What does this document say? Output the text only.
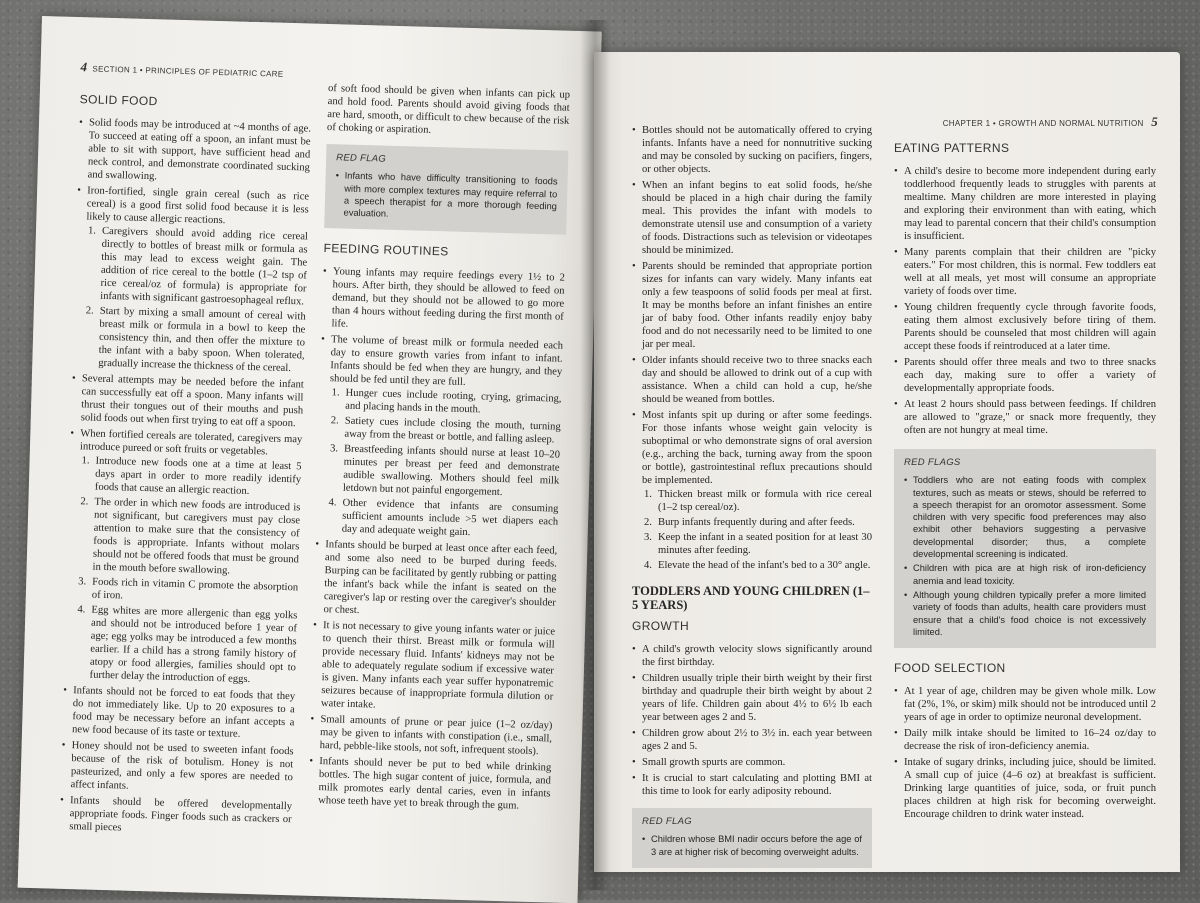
4 SECTION 1 • PRINCIPLES OF PEDIATRIC CARE
SOLID FOOD
• Solid foods may be introduced at ~4 months of age. To succeed at eating off a spoon, an infant must be able to sit with support, have sufficient head and neck control, and demonstrate coordinated sucking and swallowing.
• Iron-fortified, single grain cereal (such as rice cereal) is a good first solid food because it is less likely to cause allergic reactions.
1. Caregivers should avoid adding rice cereal directly to bottles of breast milk or formula as this may lead to excess weight gain. The addition of rice cereal to the bottle (1–2 tsp of rice cereal/oz of formula) is appropriate for infants with significant gastroesophageal reflux.
2. Start by mixing a small amount of cereal with breast milk or formula in a bowl to keep the consistency thin, and then offer the mixture to the infant with a baby spoon. When tolerated, gradually increase the thickness of the cereal.
• Several attempts may be needed before the infant can successfully eat off a spoon. Many infants will thrust their tongues out of their mouths and push solid foods out when first trying to eat off a spoon.
• When fortified cereals are tolerated, caregivers may introduce pureed or soft fruits or vegetables.
1. Introduce new foods one at a time at least 5 days apart in order to more readily identify foods that cause an allergic reaction.
2. The order in which new foods are introduced is not significant, but caregivers must pay close attention to make sure that the consistency of foods is appropriate. Infants without molars should not be offered foods that must be ground in the mouth before swallowing.
3. Foods rich in vitamin C promote the absorption of iron.
4. Egg whites are more allergenic than egg yolks and should not be introduced before 1 year of age; egg yolks may be introduced a few months earlier. If a child has a strong family history of atopy or food allergies, families should opt to further delay the introduction of eggs.
• Infants should not be forced to eat foods that they do not immediately like. Up to 20 exposures to a food may be necessary before an infant accepts a new food because of its taste or texture.
• Honey should not be used to sweeten infant foods because of the risk of botulism. Honey is not pasteurized, and only a few spores are needed to affect infants.
• Infants should be offered developmentally appropriate foods. Finger foods such as crackers or small pieces
of soft food should be given when infants can pick up and hold food. Parents should avoid giving foods that are hard, smooth, or difficult to chew because of the risk of choking or aspiration.
RED FLAG
• Infants who have difficulty transitioning to foods with more complex textures may require referral to a speech therapist for a more thorough feeding evaluation.
FEEDING ROUTINES
• Young infants may require feedings every 1½ to 2 hours. After birth, they should be allowed to feed on demand, but they should not be allowed to go more than 4 hours without feeding during the first month of life.
• The volume of breast milk or formula needed each day to ensure growth varies from infant to infant. Infants should be fed when they are hungry, and they should be fed until they are full.
1. Hunger cues include rooting, crying, grimacing, and placing hands in the mouth.
2. Satiety cues include closing the mouth, turning away from the breast or bottle, and falling asleep.
3. Breastfeeding infants should nurse at least 10–20 minutes per breast per feed and demonstrate audible swallowing. Mothers should feel milk letdown but not painful engorgement.
4. Other evidence that infants are consuming sufficient amounts include >5 wet diapers each day and adequate weight gain.
• Infants should be burped at least once after each feed, and some also need to be burped during feeds. Burping can be facilitated by gently rubbing or patting the infant's back while the infant is seated on the caregiver's lap or resting over the caregiver's shoulder or chest.
• It is not necessary to give young infants water or juice to quench their thirst. Breast milk or formula will provide necessary fluid. Infants' kidneys may not be able to adequately regulate sodium if excessive water is given. Many infants each year suffer hyponatremic seizures because of inappropriate formula dilution or water intake.
• Small amounts of prune or pear juice (1–2 oz/day) may be given to infants with constipation (i.e., small, hard, pebble-like stools, not soft, infrequent stools).
• Infants should never be put to bed while drinking bottles. The high sugar content of juice, formula, and milk promotes early dental caries, even in infants whose teeth have yet to break through the gum.
CHAPTER 1 • GROWTH AND NORMAL NUTRITION 5
• Bottles should not be automatically offered to crying infants. Infants have a need for nonnutritive sucking and may be consoled by sucking on pacifiers, fingers, or other objects.
• When an infant begins to eat solid foods, he/she should be placed in a high chair during the family meal. This provides the infant with models to demonstrate utensil use and consumption of a variety of foods. Distractions such as television or videotapes should be minimized.
• Parents should be reminded that appropriate portion sizes for infants can vary widely. Many infants eat only a few teaspoons of solid foods per meal at first. It may be months before an infant finishes an entire jar of baby food. Other infants readily enjoy baby food and do not necessarily need to be limited to one jar per meal.
• Older infants should receive two to three snacks each day and should be allowed to drink out of a cup with assistance. When a child can hold a cup, he/she should be weaned from bottles.
• Most infants spit up during or after some feedings. For those infants whose weight gain velocity is suboptimal or who demonstrate signs of oral aversion (e.g., arching the back, turning away from the spoon or bottle), gastrointestinal reflux precautions should be implemented.
1. Thicken breast milk or formula with rice cereal (1–2 tsp cereal/oz).
2. Burp infants frequently during and after feeds.
3. Keep the infant in a seated position for at least 30 minutes after feeding.
4. Elevate the head of the infant's bed to a 30° angle.
TODDLERS AND YOUNG CHILDREN (1–5 YEARS)
GROWTH
• A child's growth velocity slows significantly around the first birthday.
• Children usually triple their birth weight by their first birthday and quadruple their birth weight by about 2 years of life. Children gain about 4½ to 6½ lb each year between ages 2 and 5.
• Children grow about 2½ to 3½ in. each year between ages 2 and 5.
• Small growth spurts are common.
• It is crucial to start calculating and plotting BMI at this time to look for early adiposity rebound.
RED FLAG
• Children whose BMI nadir occurs before the age of 3 are at higher risk of becoming overweight adults.
EATING PATTERNS
• A child's desire to become more independent during early toddlerhood frequently leads to struggles with parents at mealtime. Many children are more interested in playing and exploring their environment than with eating, which may lead to parental concern that their child's consumption is insufficient.
• Many parents complain that their children are "picky eaters." For most children, this is normal. Few toddlers eat well at all meals, yet most will consume an appropriate variety of foods over time.
• Young children frequently cycle through favorite foods, eating them almost exclusively before tiring of them. Parents should be counseled that most children will again accept these foods if reintroduced at a later time.
• Parents should offer three meals and two to three snacks each day, making sure to offer a variety of developmentally appropriate foods.
• At least 2 hours should pass between feedings. If children are allowed to "graze," or snack more frequently, they often are not hungry at meal time.
RED FLAGS
• Toddlers who are not eating foods with complex textures, such as meats or stews, should be referred to a speech therapist for an oromotor assessment. Some children with very specific food preferences may also exhibit other behaviors suggesting a pervasive developmental disorder; thus, a complete developmental screening is indicated.
• Children with pica are at high risk of iron-deficiency anemia and lead toxicity.
• Although young children typically prefer a more limited variety of foods than adults, health care providers must ensure that a child's food choice is not excessively limited.
FOOD SELECTION
• At 1 year of age, children may be given whole milk. Low fat (2%, 1%, or skim) milk should not be introduced until 2 years of age in order to optimize neuronal development.
• Daily milk intake should be limited to 16–24 oz/day to decrease the risk of iron-deficiency anemia.
• Intake of sugary drinks, including juice, should be limited. A small cup of juice (4–6 oz) at breakfast is sufficient. Drinking large quantities of juice, soda, or fruit punch places children at high risk for becoming overweight. Encourage children to drink water instead.
